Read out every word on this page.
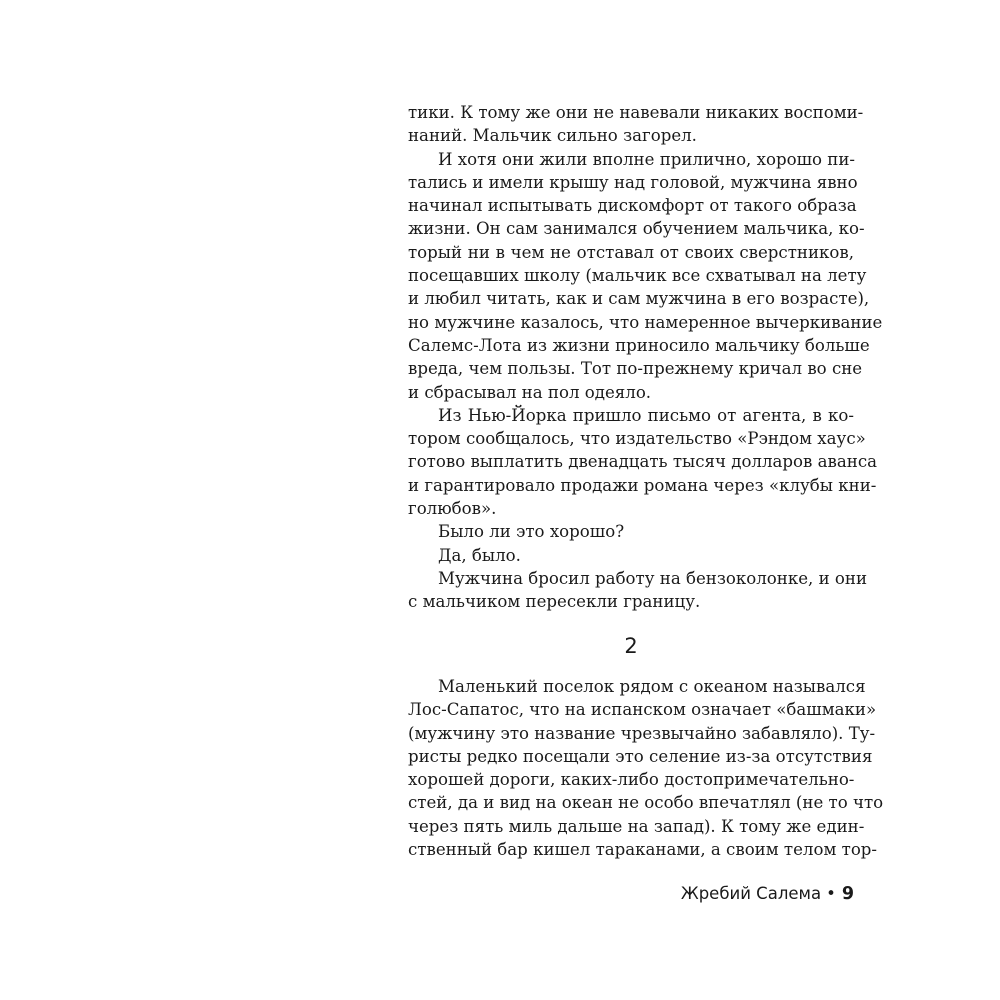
тики. К тому же они не навевали никаких воспоми-
наний. Мальчик сильно загорел.
И хотя они жили вполне прилично, хорошо пи-
тались и имели крышу над головой, мужчина явно
начинал испытывать дискомфорт от такого образа
жизни. Он сам занимался обучением мальчика, ко-
торый ни в чем не отставал от своих сверстников,
посещавших школу (мальчик все схватывал на лету
и любил читать, как и сам мужчина в его возрасте),
но мужчине казалось, что намеренное вычеркивание
Салемс-Лота из жизни приносило мальчику больше
вреда, чем пользы. Тот по-прежнему кричал во сне
и сбрасывал на пол одеяло.
Из Нью-Йорка пришло письмо от агента, в ко-
тором сообщалось, что издательство «Рэндом хаус»
готово выплатить двенадцать тысяч долларов аванса
и гарантировало продажи романа через «клубы кни-
голюбов».
Было ли это хорошо?
Да, было.
Мужчина бросил работу на бензоколонке, и они
с мальчиком пересекли границу.
2
Маленький поселок рядом с океаном назывался
Лос-Сапатос, что на испанском означает «башмаки»
(мужчину это название чрезвычайно забавляло). Ту-
ристы редко посещали это селение из-за отсутствия
хорошей дороги, каких-либо достопримечательно-
стей, да и вид на океан не особо впечатлял (не то что
через пять миль дальше на запад). К тому же един-
ственный бар кишел тараканами, а своим телом тор-
Жребий Салема • 9
